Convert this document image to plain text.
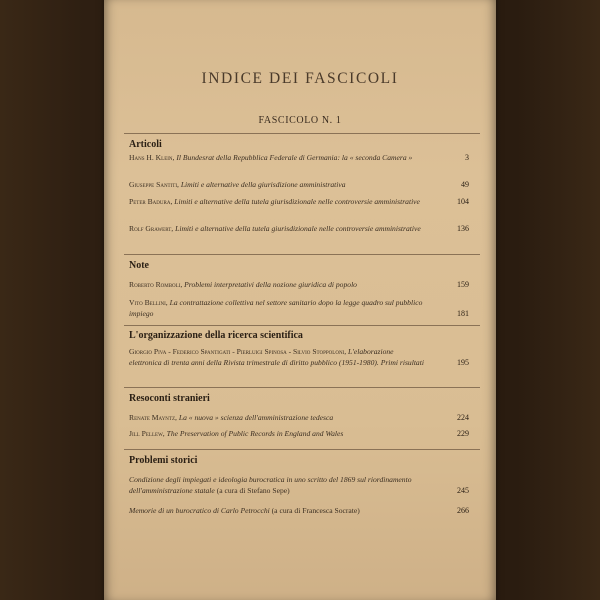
INDICE DEI FASCICOLI
FASCICOLO N. 1
Articoli
Hans H. Klein, Il Bundesrat della Repubblica Federale di Germania: la « seconda Camera »	3
Giuseppe Santiti, Limiti e alternative della giurisdizione amministrativa	49
Peter Badura, Limiti e alternative della tutela giurisdizionale nelle controversie amministrative	104
Rolf Grawert, Limiti e alternative della tutela giurisdizionale nelle controversie amministrative	136
Note
Roberto Romboli, Problemi interpretativi della nozione giuridica di popolo	159
Vito Bellini, La contrattazione collettiva nel settore sanitario dopo la legge quadro sul pubblico impiego	181
L'organizzazione della ricerca scientifica
Giorgio Piva - Federico Spantigati - Pierluigi Spinosa - Silvio Stoppoloni, L'elaborazione elettronica di trenta anni della Rivista trimestrale di diritto pubblico (1951-1980). Primi risultati	195
Resoconti stranieri
Renate Mayntz, La « nuova » scienza dell'amministrazione tedesca	224
Jill Pellew, The Preservation of Public Records in England and Wales	229
Problemi storici
Condizione degli impiegati e ideologia burocratica in uno scritto del 1869 sul riordinamento dell'amministrazione statale (a cura di Stefano Sepe)	245
Memorie di un burocratico di Carlo Petrocchi (a cura di Francesca Socrate)	266
